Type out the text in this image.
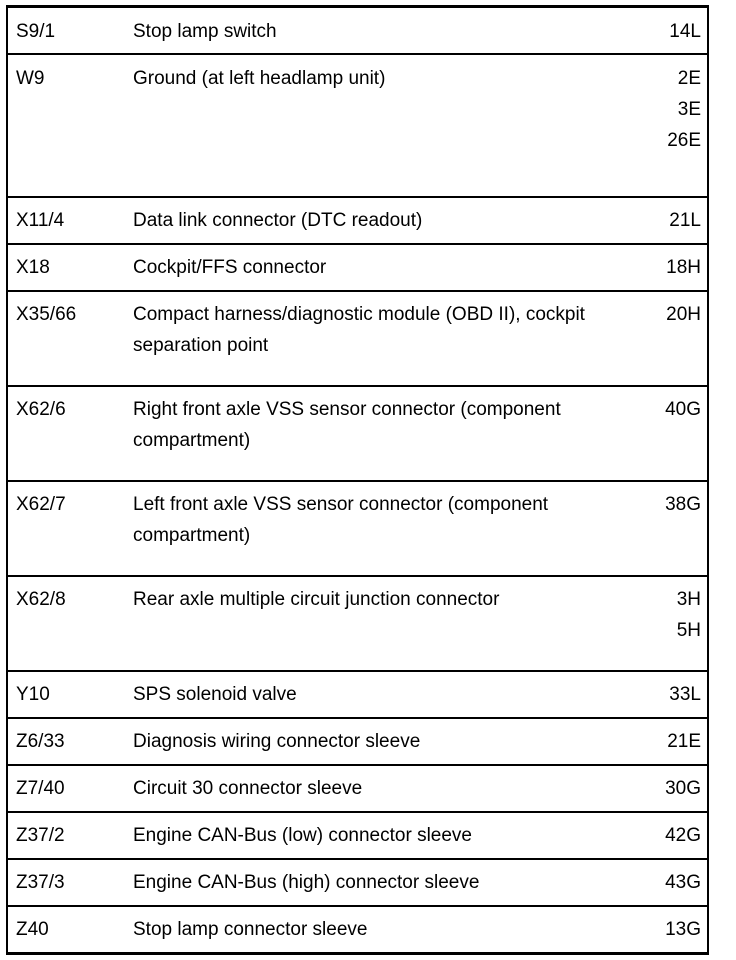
S9/1	Stop lamp switch	14L

W9	Ground (at left headlamp unit)	2E
3E
26E

X11/4	Data link connector (DTC readout)	21L

X18	Cockpit/FFS connector	18H

X35/66	Compact harness/diagnostic module (OBD II), cockpit separation point	20H

X62/6	Right front axle VSS sensor connector (component compartment)	40G

X62/7	Left front axle VSS sensor connector (component compartment)	38G

X62/8	Rear axle multiple circuit junction connector	3H
5H

Y10	SPS solenoid valve	33L

Z6/33	Diagnosis wiring connector sleeve	21E

Z7/40	Circuit 30 connector sleeve	30G

Z37/2	Engine CAN-Bus (low) connector sleeve	42G

Z37/3	Engine CAN-Bus (high) connector sleeve	43G

Z40	Stop lamp connector sleeve	13G
